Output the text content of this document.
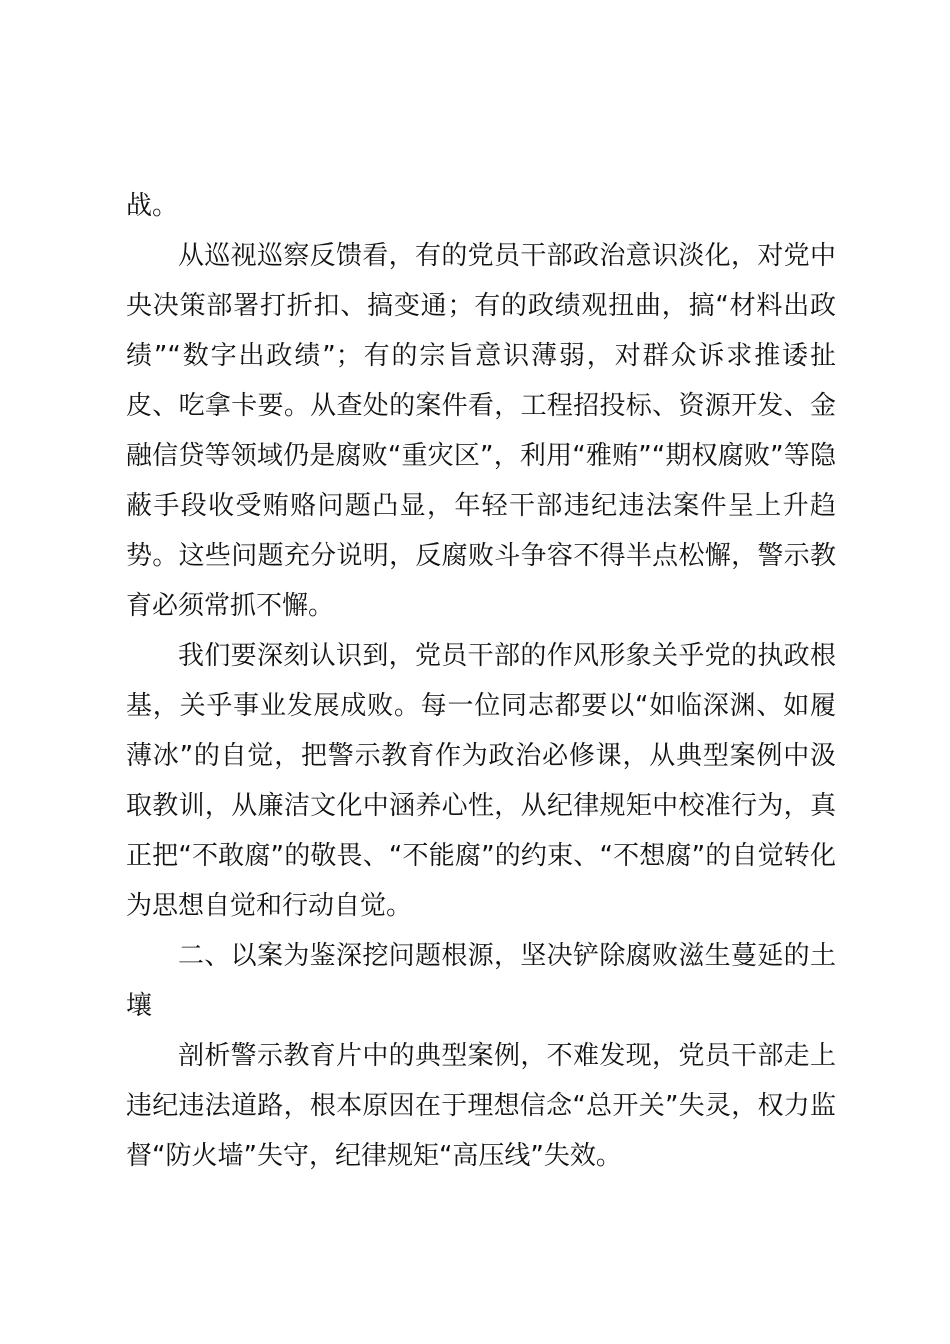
战。

从巡视巡察反馈看，有的党员干部政治意识淡化，对党中央决策部署打折扣、搞变通；有的政绩观扭曲，搞“材料出政绩”“数字出政绩”；有的宗旨意识薄弱，对群众诉求推诿扯皮、吃拿卡要。从查处的案件看，工程招投标、资源开发、金融信贷等领域仍是腐败“重灾区”，利用“雅贿”“期权腐败”等隐蔽手段收受贿赂问题凸显，年轻干部违纪违法案件呈上升趋势。这些问题充分说明，反腐败斗争容不得半点松懈，警示教育必须常抓不懈。

我们要深刻认识到，党员干部的作风形象关乎党的执政根基，关乎事业发展成败。每一位同志都要以“如临深渊、如履薄冰”的自觉，把警示教育作为政治必修课，从典型案例中汲取教训，从廉洁文化中涵养心性，从纪律规矩中校准行为，真正把“不敢腐”的敬畏、“不能腐”的约束、“不想腐”的自觉转化为思想自觉和行动自觉。

二、以案为鉴深挖问题根源，坚决铲除腐败滋生蔓延的土壤

剖析警示教育片中的典型案例，不难发现，党员干部走上违纪违法道路，根本原因在于理想信念“总开关”失灵，权力监督“防火墙”失守，纪律规矩“高压线”失效。
